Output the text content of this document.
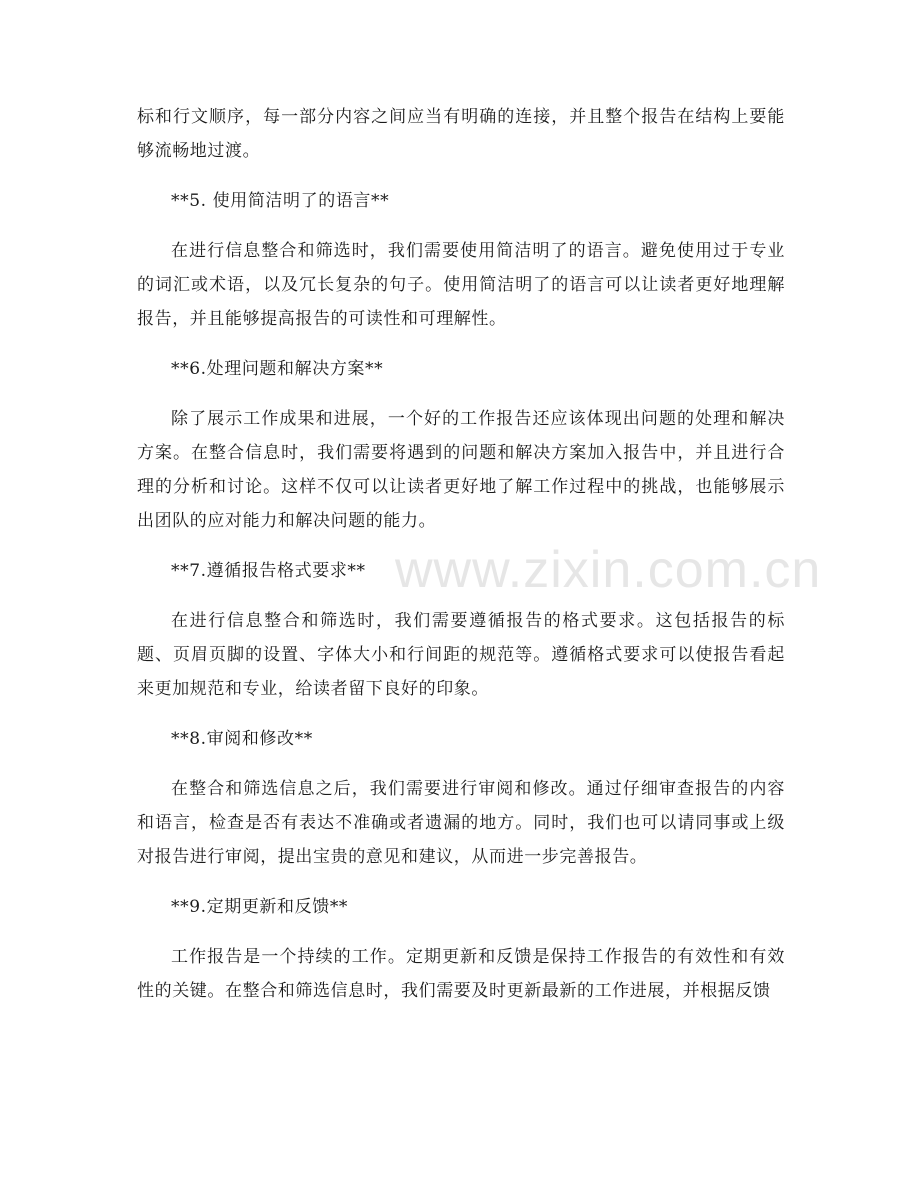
www.zixin.com.cn

标和行文顺序，每一部分内容之间应当有明确的连接，并且整个报告在结构上要能够流畅地过渡。

**5. 使用简洁明了的语言**

在进行信息整合和筛选时，我们需要使用简洁明了的语言。避免使用过于专业的词汇或术语，以及冗长复杂的句子。使用简洁明了的语言可以让读者更好地理解报告，并且能够提高报告的可读性和可理解性。

**6.处理问题和解决方案**

除了展示工作成果和进展，一个好的工作报告还应该体现出问题的处理和解决方案。在整合信息时，我们需要将遇到的问题和解决方案加入报告中，并且进行合理的分析和讨论。这样不仅可以让读者更好地了解工作过程中的挑战，也能够展示出团队的应对能力和解决问题的能力。

**7.遵循报告格式要求**

在进行信息整合和筛选时，我们需要遵循报告的格式要求。这包括报告的标题、页眉页脚的设置、字体大小和行间距的规范等。遵循格式要求可以使报告看起来更加规范和专业，给读者留下良好的印象。

**8.审阅和修改**

在整合和筛选信息之后，我们需要进行审阅和修改。通过仔细审查报告的内容和语言，检查是否有表达不准确或者遗漏的地方。同时，我们也可以请同事或上级对报告进行审阅，提出宝贵的意见和建议，从而进一步完善报告。

**9.定期更新和反馈**

工作报告是一个持续的工作。定期更新和反馈是保持工作报告的有效性和有效性的关键。在整合和筛选信息时，我们需要及时更新最新的工作进展，并根据反馈
